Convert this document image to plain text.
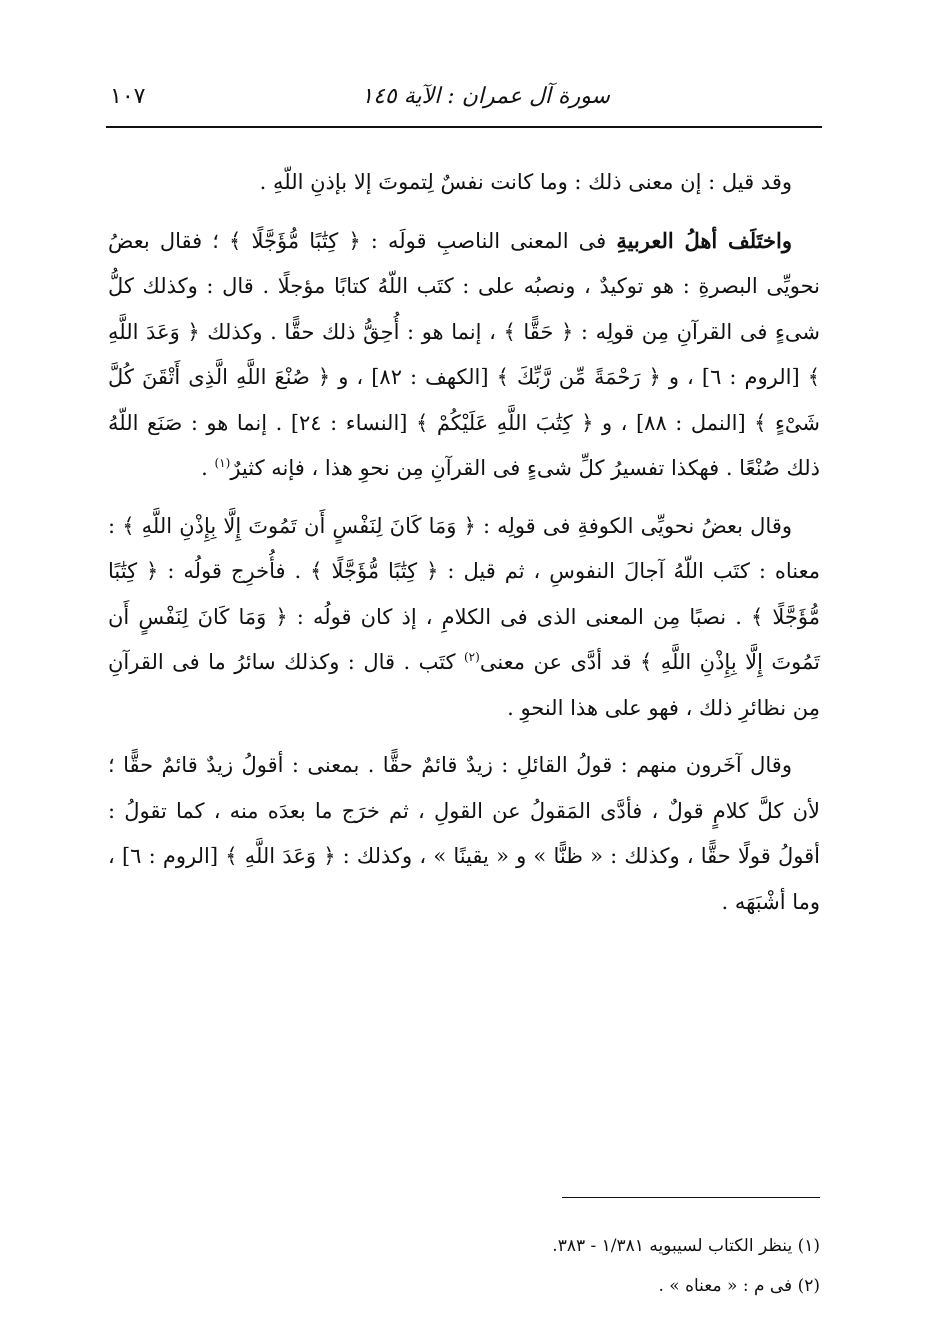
سورة آل عمران : الآية ١٤٥
١٠٧

وقد قيل : إن معنى ذلك : وما كانت نفسٌ لِتموتَ إلا بإذنِ اللّهِ .

واختَلَف أهلُ العربيةِ فى المعنى الناصبِ قولَه : ﴿ كِتَٰبًا مُّؤَجَّلًا ﴾ ؛ فقال بعضُ نحويِّى البصرةِ : هو توكيدٌ ، ونصبُه على : كتَب اللّهُ كتابًا مؤجلًا . قال : وكذلك كلُّ شىءٍ فى القرآنِ مِن قولِه : ﴿ حَقًّا ﴾ ، إنما هو : أُحِقُّ ذلك حقًّا . وكذلك ﴿ وَعَدَ اللَّهِ ﴾ [الروم : ٦] ، و ﴿ رَحْمَةً مِّن رَّبِّكَ ﴾ [الكهف : ٨٢] ، و ﴿ صُنْعَ اللَّهِ الَّذِى أَتْقَنَ كُلَّ شَىْءٍ ﴾ [النمل : ٨٨] ، و ﴿ كِتَٰبَ اللَّهِ عَلَيْكُمْ ﴾ [النساء : ٢٤] . إنما هو : صَنَع اللّهُ ذلك صُنْعًا . فهكذا تفسيرُ كلِّ شىءٍ فى القرآنِ مِن نحوِ هذا ، فإنه كثيرٌ$^{(١)}$ .

وقال بعضُ نحويِّى الكوفةِ فى قولِه : ﴿ وَمَا كَانَ لِنَفْسٍ أَن تَمُوتَ إِلَّا بِإِذْنِ اللَّهِ ﴾ : معناه : كتَب اللّهُ آجالَ النفوسِ ، ثم قيل : ﴿ كِتَٰبًا مُّؤَجَّلًا ﴾ . فأُخرِج قولُه : ﴿ كِتَٰبًا مُّؤَجَّلًا ﴾ . نصبًا مِن المعنى الذى فى الكلامِ ، إذ كان قولُه : ﴿ وَمَا كَانَ لِنَفْسٍ أَن تَمُوتَ إِلَّا بِإِذْنِ اللَّهِ ﴾ قد أدَّى عن معنى$^{(٢)}$ كتَب . قال : وكذلك سائرُ ما فى القرآنِ مِن نظائرِ ذلك ، فهو على هذا النحوِ .

وقال آخَرون منهم : قولُ القائلِ : زيدٌ قائمٌ حقًّا . بمعنى : أقولُ زيدٌ قائمٌ حقًّا ؛ لأن كلَّ كلامٍ قولٌ ، فأدَّى المَقولُ عن القولِ ، ثم خرَج ما بعدَه منه ، كما تقولُ : أقولُ قولًا حقًّا ، وكذلك : « ظنًّا » و « يقينًا » ، وكذلك : ﴿ وَعَدَ اللَّهِ ﴾ [الروم : ٦] ، وما أشْبَهَه .

(١) ينظر الكتاب لسيبويه ١/٣٨١ - ٣٨٣.

(٢) فى م : « معناه » .
